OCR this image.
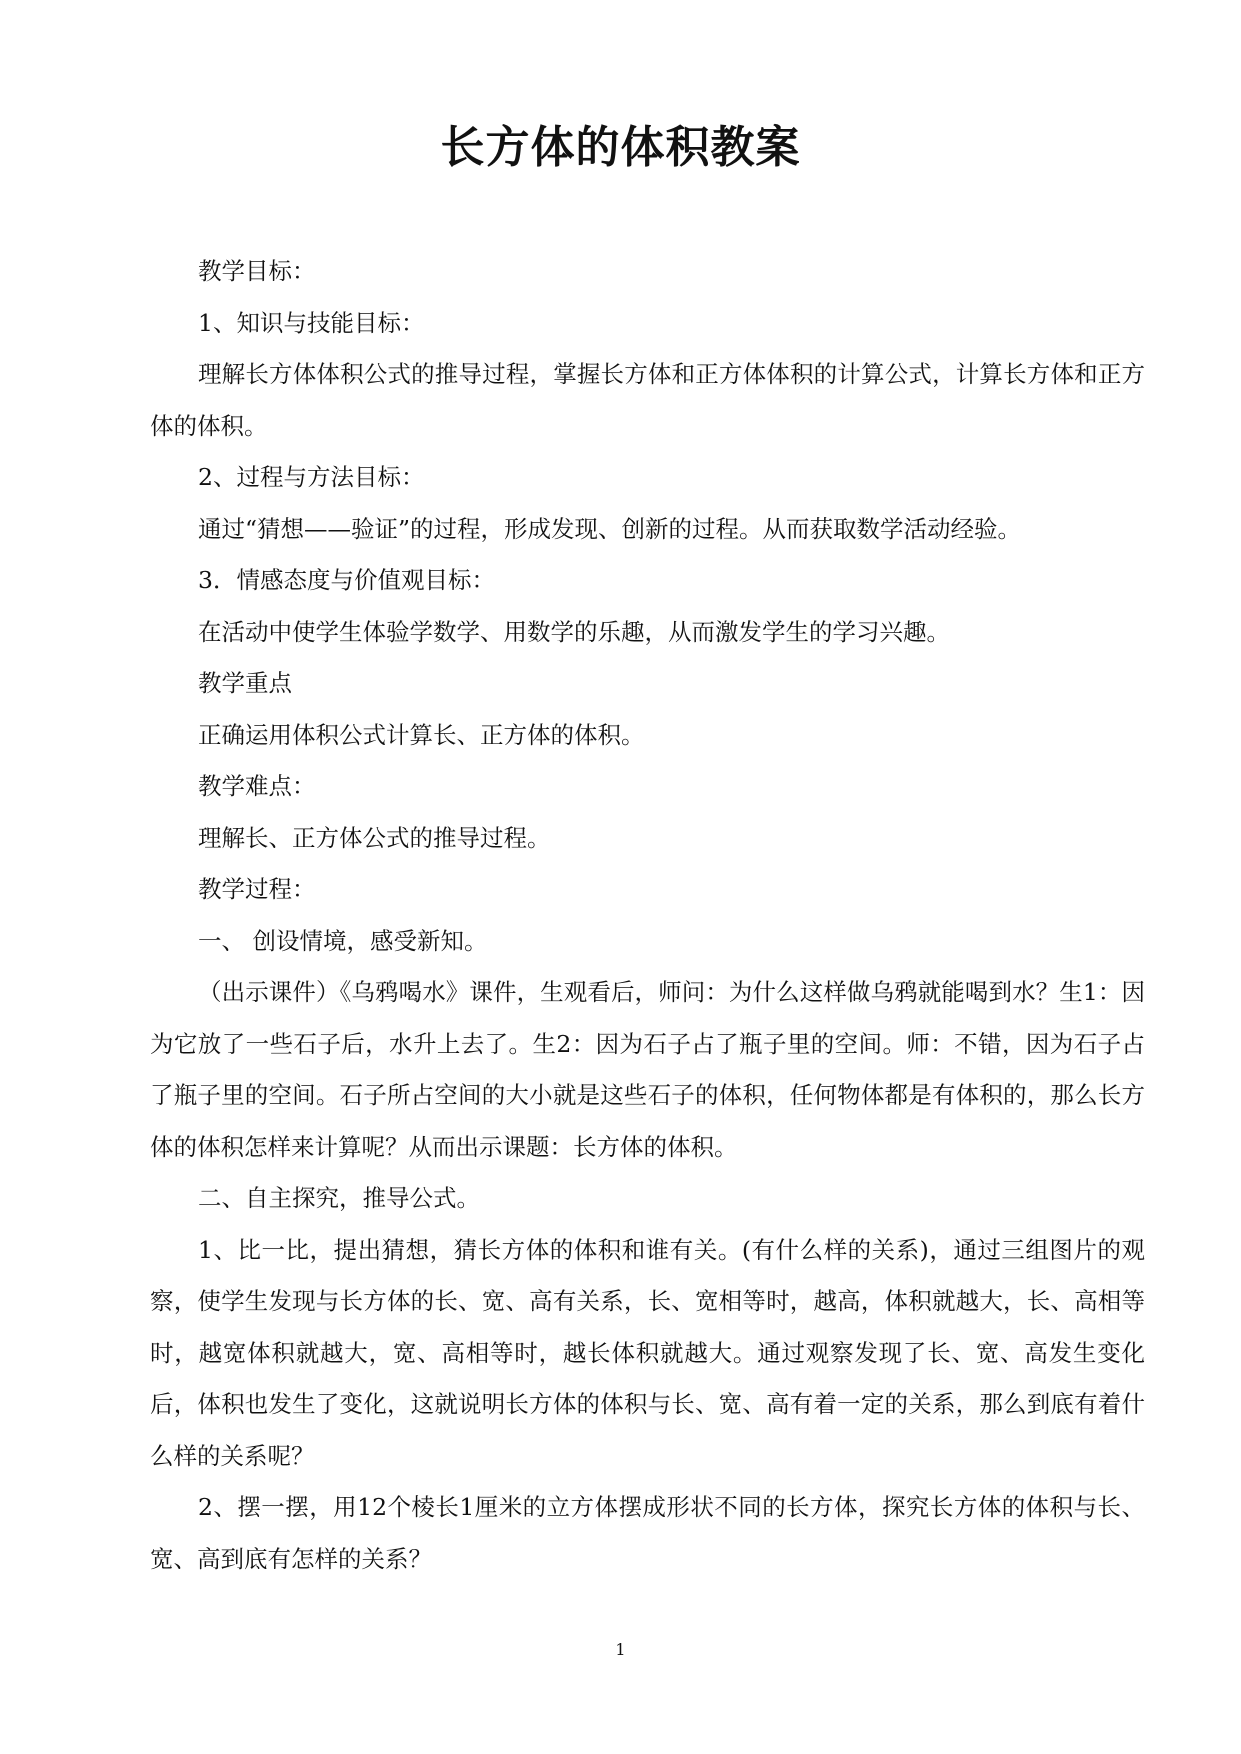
长方体的体积教案

教学目标：

1、知识与技能目标：

理解长方体体积公式的推导过程，掌握长方体和正方体体积的计算公式，计算长方体和正方体的体积。

2、过程与方法目标：

通过“猜想——验证”的过程，形成发现、创新的过程。从而获取数学活动经验。

3．情感态度与价值观目标：

在活动中使学生体验学数学、用数学的乐趣，从而激发学生的学习兴趣。

教学重点

正确运用体积公式计算长、正方体的体积。

教学难点：

理解长、正方体公式的推导过程。

教学过程：

一、 创设情境，感受新知。

（出示课件）《乌鸦喝水》课件，生观看后，师问：为什么这样做乌鸦就能喝到水？生1：因为它放了一些石子后，水升上去了。生2：因为石子占了瓶子里的空间。师：不错，因为石子占了瓶子里的空间。石子所占空间的大小就是这些石子的体积，任何物体都是有体积的，那么长方体的体积怎样来计算呢？从而出示课题：长方体的体积。

二、自主探究，推导公式。

1、比一比，提出猜想，猜长方体的体积和谁有关。(有什么样的关系)，通过三组图片的观察，使学生发现与长方体的长、宽、高有关系，长、宽相等时，越高，体积就越大，长、高相等时，越宽体积就越大，宽、高相等时，越长体积就越大。通过观察发现了长、宽、高发生变化后，体积也发生了变化，这就说明长方体的体积与长、宽、高有着一定的关系，那么到底有着什么样的关系呢？

2、摆一摆，用12个棱长1厘米的立方体摆成形状不同的长方体，探究长方体的体积与长、宽、高到底有怎样的关系？

1
